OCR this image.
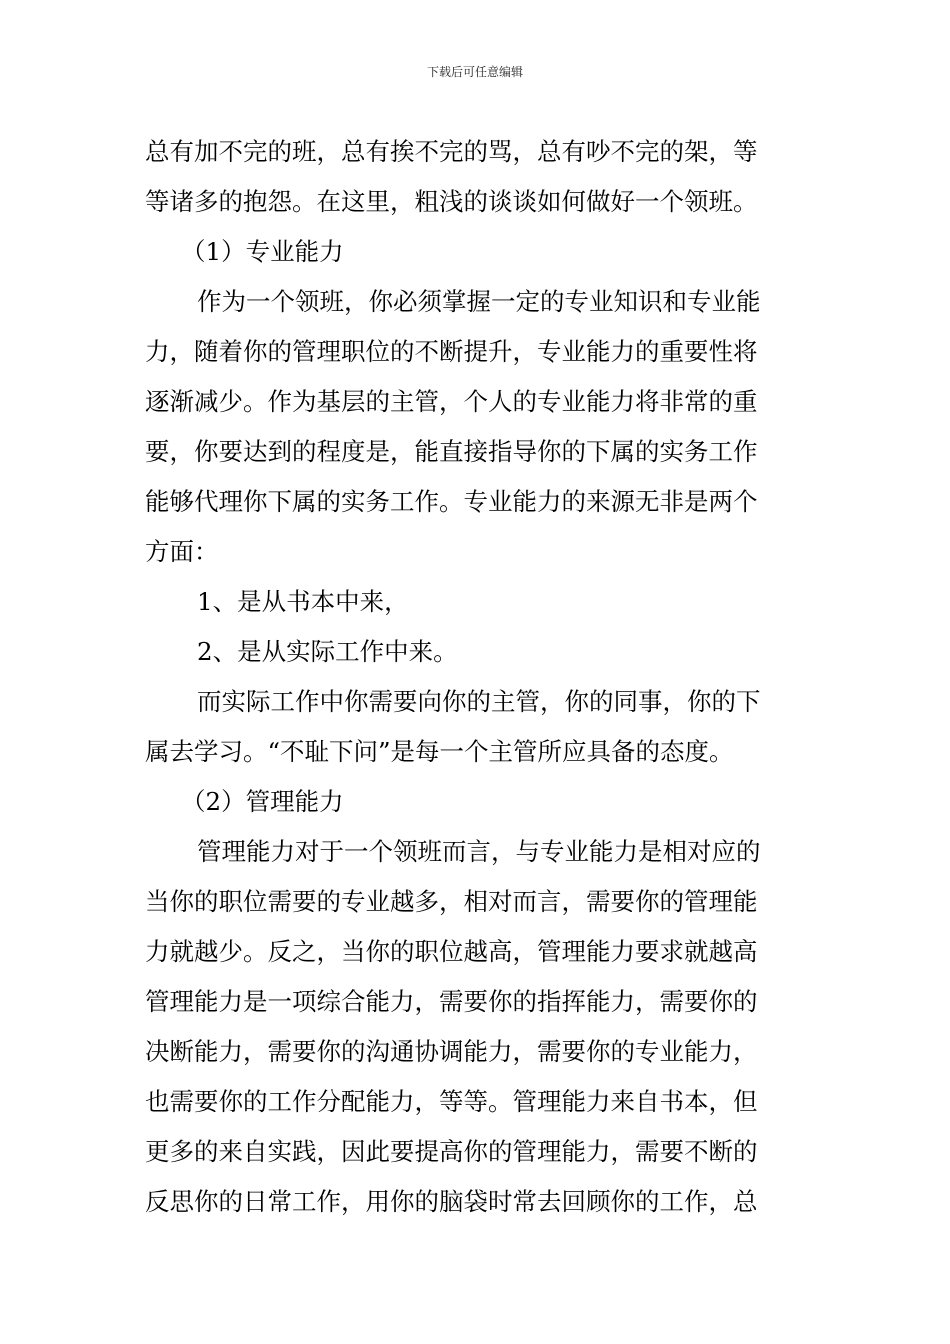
下载后可任意编辑
总有加不完的班，总有挨不完的骂，总有吵不完的架，等
等诸多的抱怨。在这里，粗浅的谈谈如何做好一个领班。
（1）专业能力
作为一个领班，你必须掌握一定的专业知识和专业能
力，随着你的管理职位的不断提升，专业能力的重要性将
逐渐减少。作为基层的主管，个人的专业能力将非常的重
要，你要达到的程度是，能直接指导你的下属的实务工作
能够代理你下属的实务工作。专业能力的来源无非是两个
方面：
1、是从书本中来，
2、是从实际工作中来。
而实际工作中你需要向你的主管，你的同事，你的下
属去学习。“不耻下问”是每一个主管所应具备的态度。
（2）管理能力
管理能力对于一个领班而言，与专业能力是相对应的
当你的职位需要的专业越多，相对而言，需要你的管理能
力就越少。反之，当你的职位越高，管理能力要求就越高
管理能力是一项综合能力，需要你的指挥能力，需要你的
决断能力，需要你的沟通协调能力，需要你的专业能力，
也需要你的工作分配能力，等等。管理能力来自书本，但
更多的来自实践，因此要提高你的管理能力，需要不断的
反思你的日常工作，用你的脑袋时常去回顾你的工作，总
